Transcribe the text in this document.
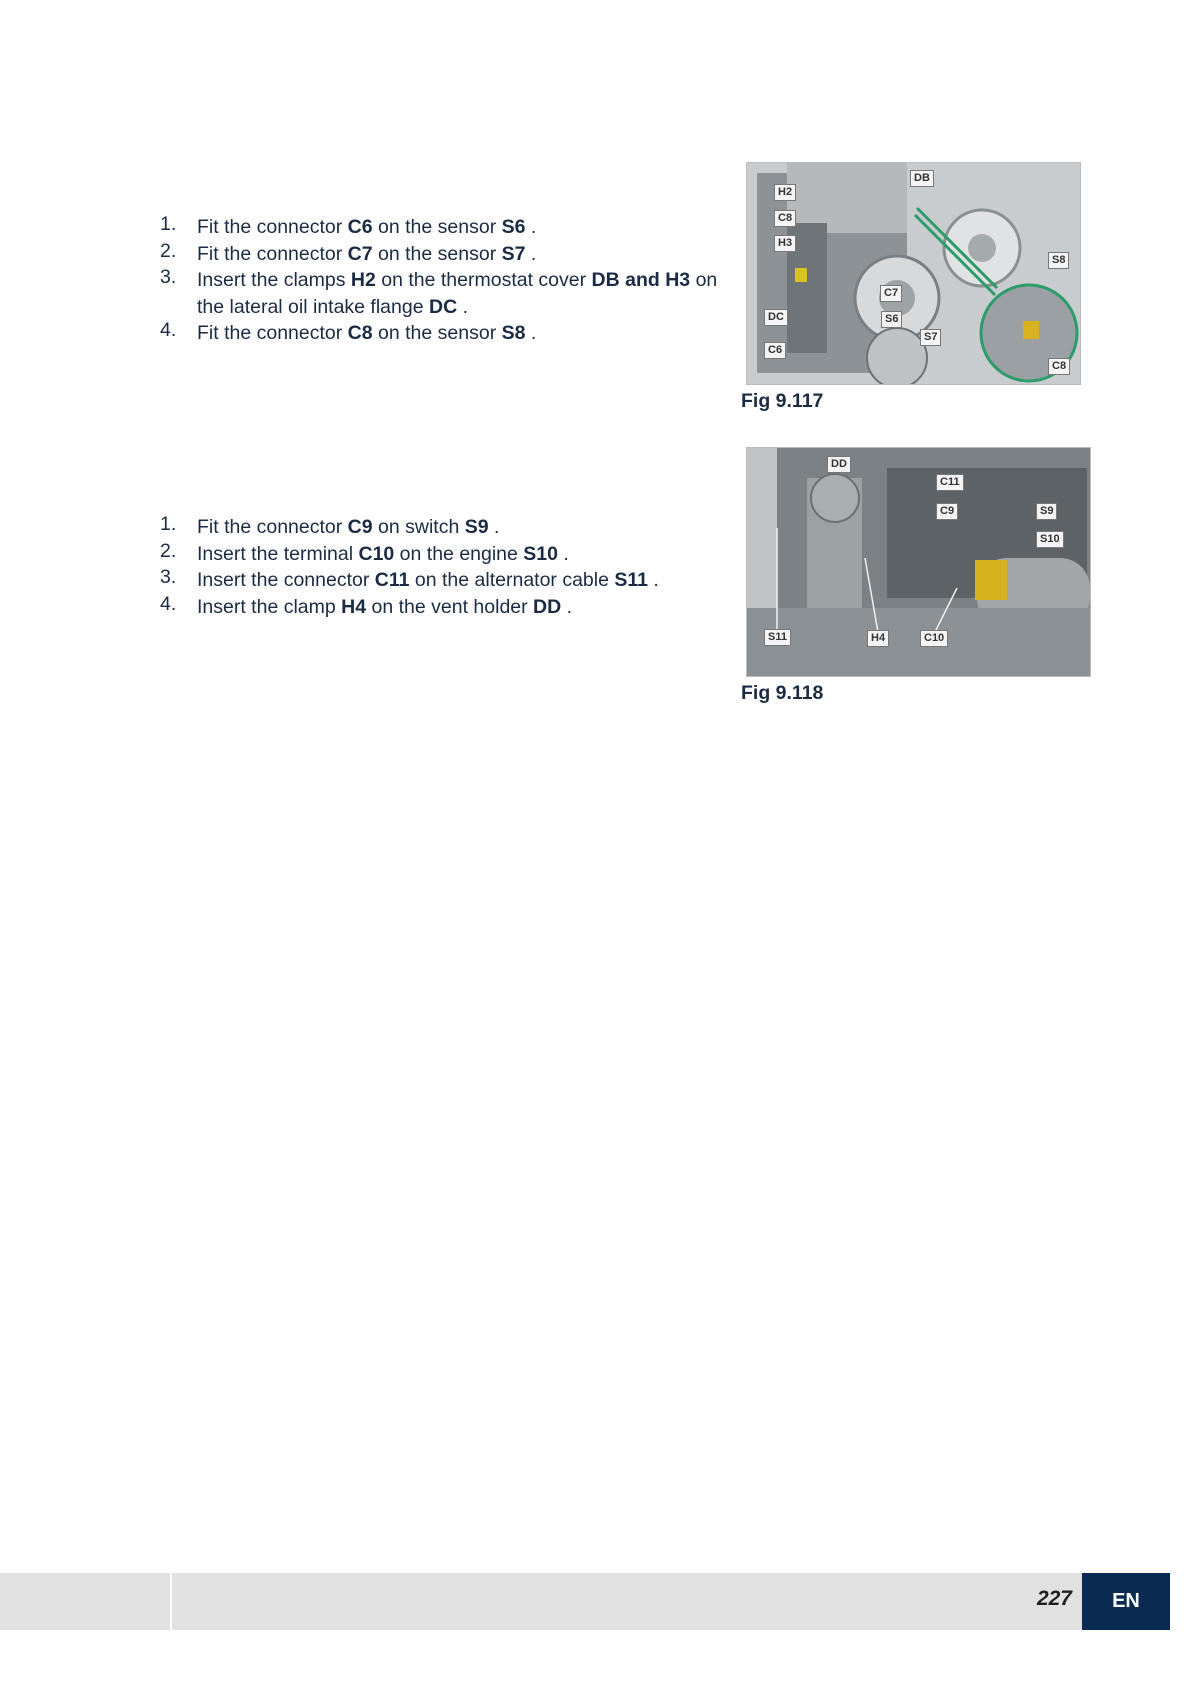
1. Fit the connector C6 on the sensor S6 .
2. Fit the connector C7 on the sensor S7 .
3. Insert the clamps H2 on the thermostat cover DB and H3 on the lateral oil intake flange DC .
4. Fit the connector C8 on the sensor S8 .
DB
H2
C8
H3
S8
C7
DC	S6
S7
C6
C8
Fig 9.117
1. Fit the connector C9 on switch S9 .
2. Insert the terminal C10 on the engine S10 .
3. Insert the connector C11 on the alternator cable S11 .
4. Insert the clamp H4 on the vent holder DD .
DD
C11
C9	S9
S10
S11	H4	C10
Fig 9.118
227	EN
